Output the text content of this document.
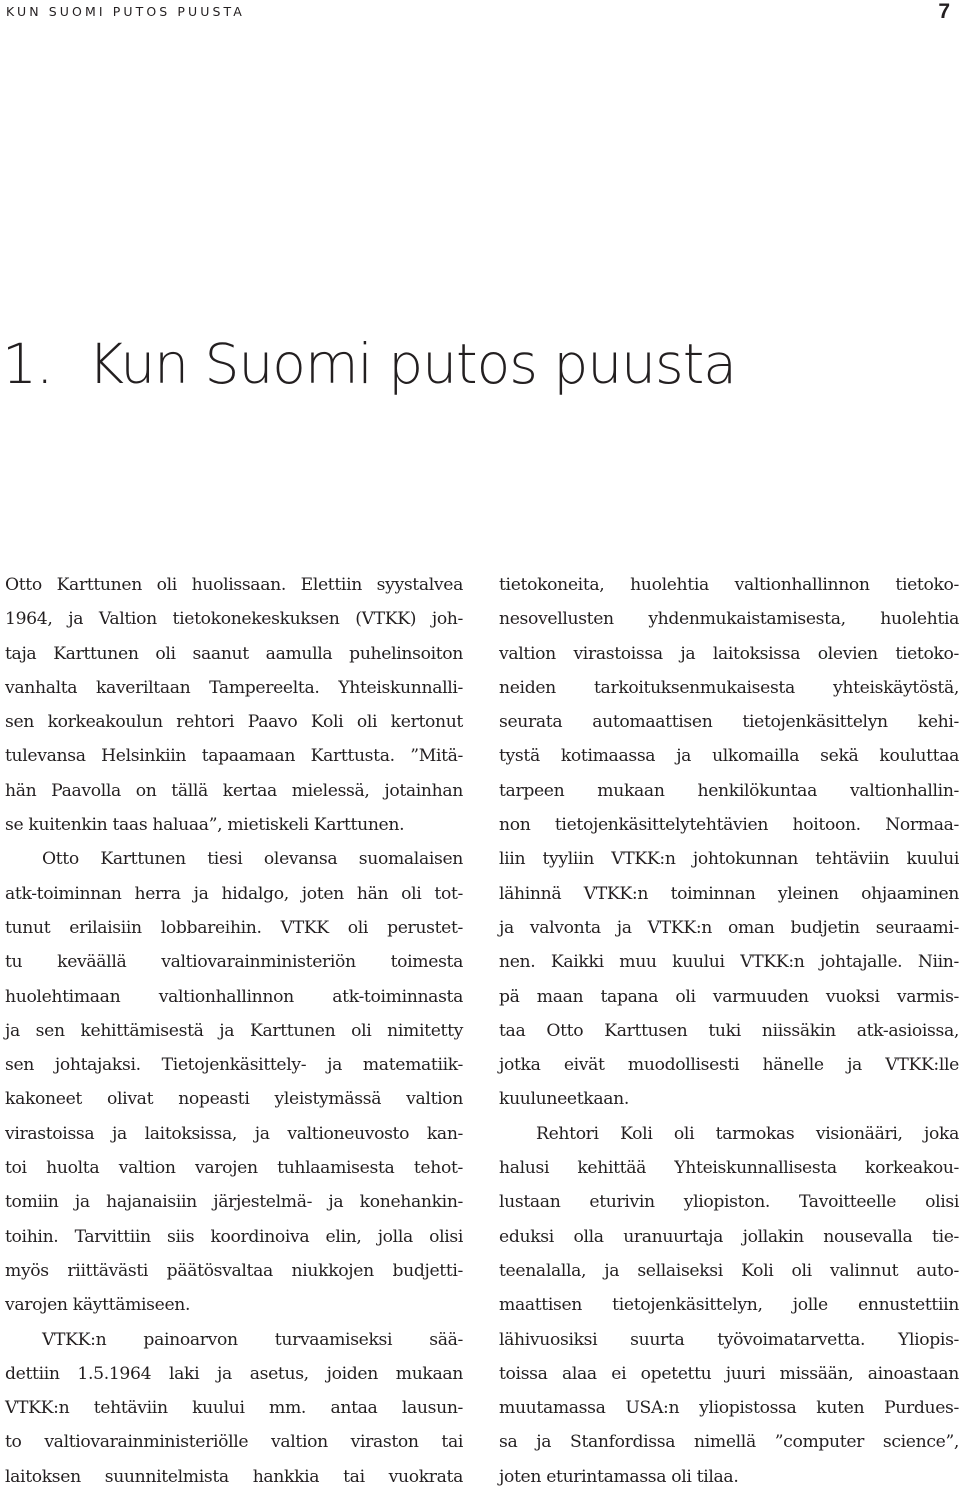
KUN SUOMI PUTOS PUUSTA	7
1. Kun Suomi putos puusta
Otto Karttunen oli huolissaan. Elettiin syystalvea
1964, ja Valtion tietokonekeskuksen (VTKK) joh-
taja Karttunen oli saanut aamulla puhelinsoiton
vanhalta kaveriltaan Tampereelta. Yhteiskunnalli-
sen korkeakoulun rehtori Paavo Koli oli kertonut
tulevansa Helsinkiin tapaamaan Karttusta. ”Mitä-
hän Paavolla on tällä kertaa mielessä, jotainhan
se kuitenkin taas haluaa”, mietiskeli Karttunen.
Otto Karttunen tiesi olevansa suomalaisen
atk-toiminnan herra ja hidalgo, joten hän oli tot-
tunut erilaisiin lobbareihin. VTKK oli perustet-
tu keväällä valtiovarainministeriön toimesta
huolehtimaan valtionhallinnon atk-toiminnasta
ja sen kehittämisestä ja Karttunen oli nimitetty
sen johtajaksi. Tietojenkäsittely- ja matematiik-
kakoneet olivat nopeasti yleistymässä valtion
virastoissa ja laitoksissa, ja valtioneuvosto kan-
toi huolta valtion varojen tuhlaamisesta tehot-
tomiin ja hajanaisiin järjestelmä- ja konehankin-
toihin. Tarvittiin siis koordinoiva elin, jolla olisi
myös riittävästi päätösvaltaa niukkojen budjetti-
varojen käyttämiseen.
VTKK:n painoarvon turvaamiseksi sää-
dettiin 1.5.1964 laki ja asetus, joiden mukaan
VTKK:n tehtäviin kuului mm. antaa lausun-
to valtiovarainministeriölle valtion viraston tai
laitoksen suunnitelmista hankkia tai vuokrata
tietokoneita, huolehtia valtionhallinnon tietoko-
nesovellusten yhdenmukaistamisesta, huolehtia
valtion virastoissa ja laitoksissa olevien tietoko-
neiden tarkoituksenmukaisesta yhteiskäytöstä,
seurata automaattisen tietojenkäsittelyn kehi-
tystä kotimaassa ja ulkomailla sekä kouluttaa
tarpeen mukaan henkilökuntaa valtionhallin-
non tietojenkäsittelytehtävien hoitoon. Normaa-
liin tyyliin VTKK:n johtokunnan tehtäviin kuului
lähinnä VTKK:n toiminnan yleinen ohjaaminen
ja valvonta ja VTKK:n oman budjetin seuraami-
nen. Kaikki muu kuului VTKK:n johtajalle. Niin-
pä maan tapana oli varmuuden vuoksi varmis-
taa Otto Karttusen tuki niissäkin atk-asioissa,
jotka eivät muodollisesti hänelle ja VTKK:lle
kuuluneetkaan.
Rehtori Koli oli tarmokas visionääri, joka
halusi kehittää Yhteiskunnallisesta korkeakou-
lustaan eturivin yliopiston. Tavoitteelle olisi
eduksi olla uranuurtaja jollakin nousevalla tie-
teenalalla, ja sellaiseksi Koli oli valinnut auto-
maattisen tietojenkäsittelyn, jolle ennustettiin
lähivuosiksi suurta työvoimatarvetta. Yliopis-
toissa alaa ei opetettu juuri missään, ainoastaan
muutamassa USA:n yliopistossa kuten Purdues-
sa ja Stanfordissa nimellä ”computer science”,
joten eturintamassa oli tilaa.
